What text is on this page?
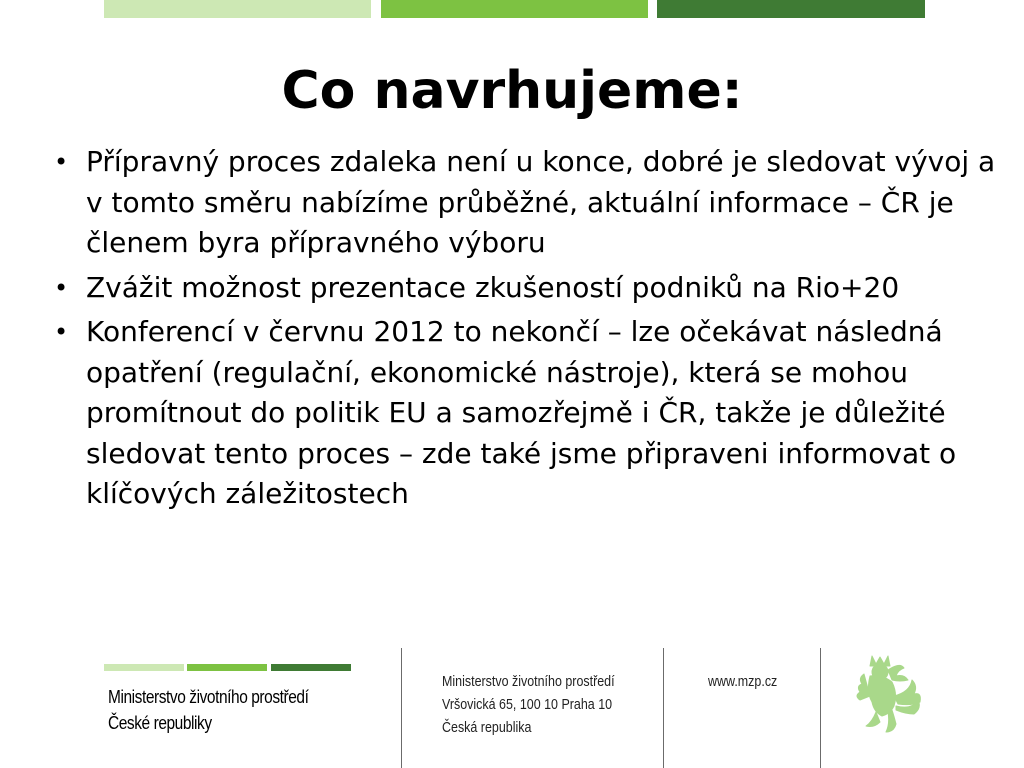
Co navrhujeme:
• Přípravný proces zdaleka není u konce, dobré je sledovat vývoj a v tomto směru nabízíme průběžné, aktuální informace – ČR je členem byra přípravného výboru
• Zvážit možnost prezentace zkušeností podniků na Rio+20
• Konferencí v červnu 2012 to nekončí – lze očekávat následná opatření (regulační, ekonomické nástroje), která se mohou promítnout do politik EU a samozřejmě i ČR, takže je důležité sledovat tento proces – zde také jsme připraveni informovat o klíčových záležitostech
Ministerstvo životního prostředí
České republiky
Ministerstvo životního prostředí
Vršovická 65, 100 10 Praha 10
Česká republika
www.mzp.cz
